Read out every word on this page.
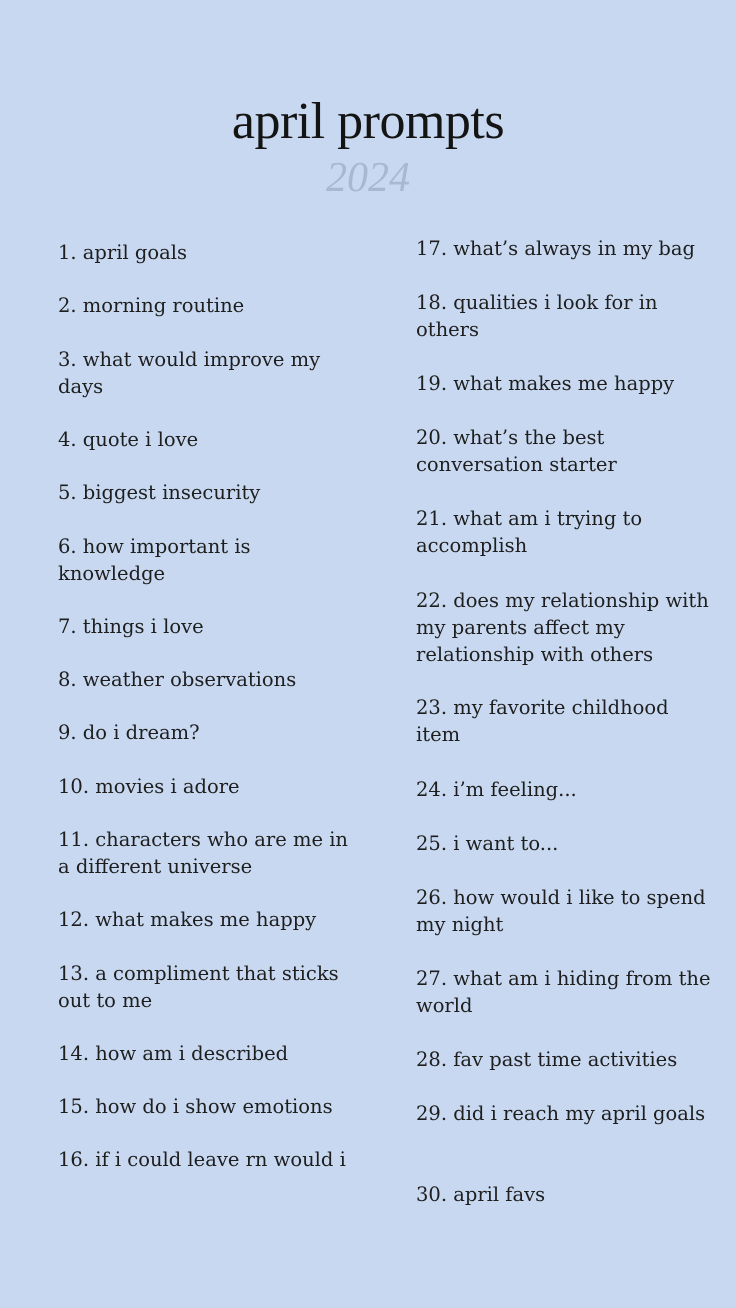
april prompts
2024
1. april goals
2. morning routine
3. what would improve my days
4. quote i love
5. biggest insecurity
6. how important is knowledge
7. things i love
8. weather observations
9. do i dream?
10. movies i adore
11. characters who are me in a different universe
12. what makes me happy
13. a compliment that sticks out to me
14. how am i described
15. how do i show emotions
16. if i could leave rn would i
17. what’s always in my bag
18. qualities i look for in others
19. what makes me happy
20. what’s the best conversation starter
21. what am i trying to accomplish
22. does my relationship with my parents affect my relationship with others
23. my favorite childhood item
24. i’m feeling...
25. i want to...
26. how would i like to spend my night
27. what am i hiding from the world
28. fav past time activities
29. did i reach my april goals
30. april favs
